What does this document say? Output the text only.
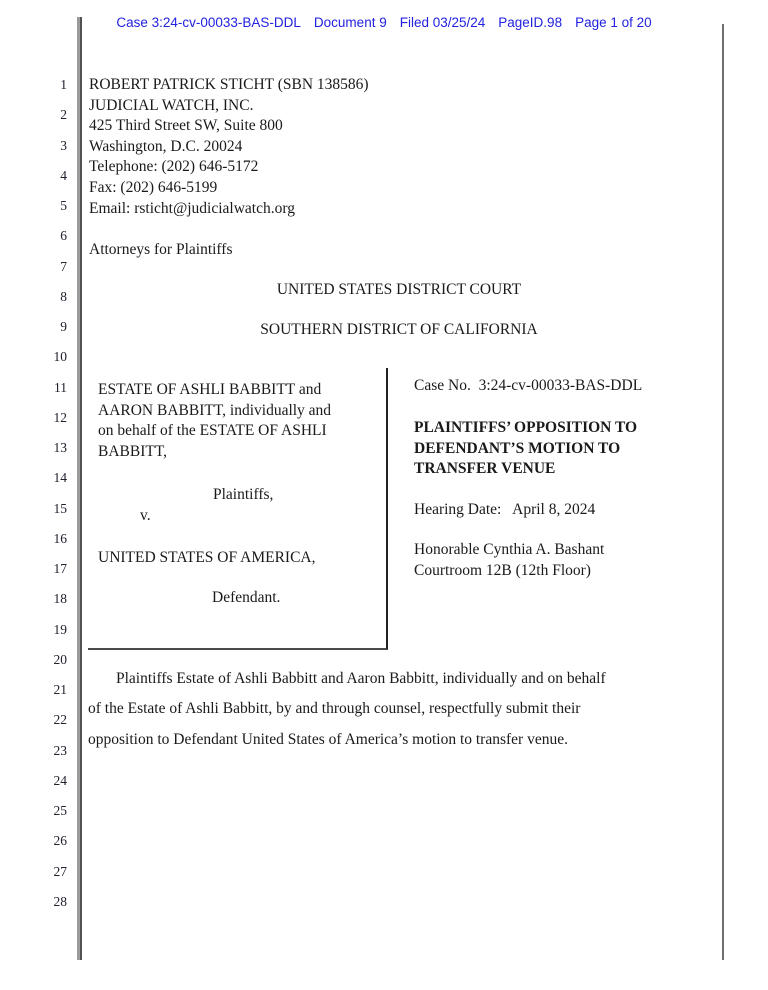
Case 3:24-cv-00033-BAS-DDL Document 9 Filed 03/25/24 PageID.98 Page 1 of 20
1
2
3
4
5
6
7
8
9
10
11
12
13
14
15
16
17
18
19
20
21
22
23
24
25
26
27
28
ROBERT PATRICK STICHT (SBN 138586)
JUDICIAL WATCH, INC.
425 Third Street SW, Suite 800
Washington, D.C. 20024
Telephone: (202) 646-5172
Fax: (202) 646-5199
Email: rsticht@judicialwatch.org
Attorneys for Plaintiffs
UNITED STATES DISTRICT COURT
SOUTHERN DISTRICT OF CALIFORNIA
ESTATE OF ASHLI BABBITT and
AARON BABBITT, individually and
on behalf of the ESTATE OF ASHLI
BABBITT,
Plaintiffs,
v.
UNITED STATES OF AMERICA,
Defendant.
Case No.  3:24-cv-00033-BAS-DDL
PLAINTIFFS’ OPPOSITION TO
DEFENDANT’S MOTION TO
TRANSFER VENUE
Hearing Date:   April 8, 2024
Honorable Cynthia A. Bashant
Courtroom 12B (12th Floor)
Plaintiffs Estate of Ashli Babbitt and Aaron Babbitt, individually and on behalf
of the Estate of Ashli Babbitt, by and through counsel, respectfully submit their
opposition to Defendant United States of America’s motion to transfer venue.
